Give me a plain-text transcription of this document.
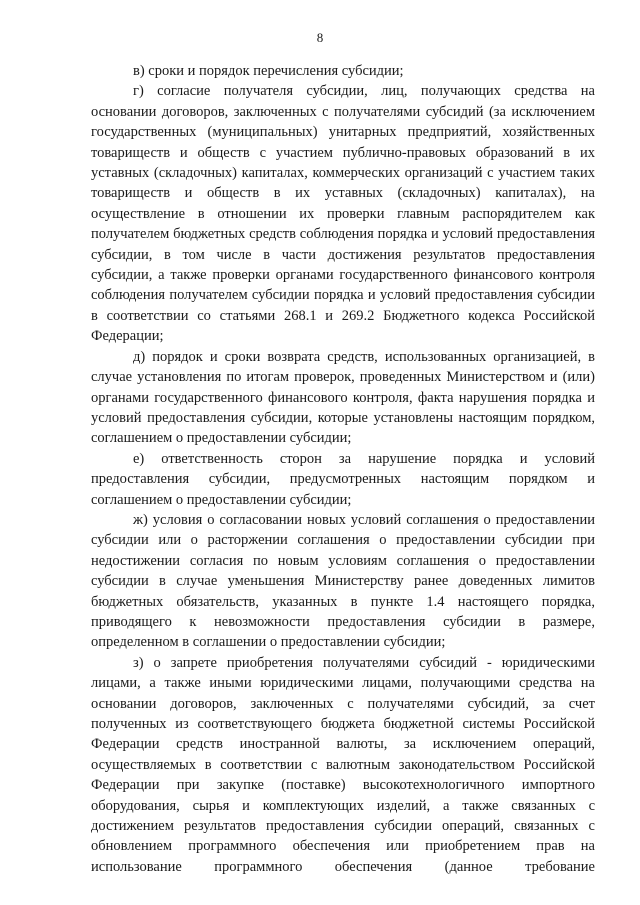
8

в) сроки и порядок перечисления субсидии;

г) согласие получателя субсидии, лиц, получающих средства на основании договоров, заключенных с получателями субсидий (за исключением государственных (муниципальных) унитарных предприятий, хозяйственных товариществ и обществ с участием публично-правовых образований в их уставных (складочных) капиталах, коммерческих организаций с участием таких товариществ и обществ в их уставных (складочных) капиталах), на осуществление в отношении их проверки главным распорядителем как получателем бюджетных средств соблюдения порядка и условий предоставления субсидии, в том числе в части достижения результатов предоставления субсидии, а также проверки органами государственного финансового контроля соблюдения получателем субсидии порядка и условий предоставления субсидии в соответствии со статьями 268.1 и 269.2 Бюджетного кодекса Российской Федерации;

д) порядок и сроки возврата средств, использованных организацией, в случае установления по итогам проверок, проведенных Министерством и (или) органами государственного финансового контроля, факта нарушения порядка и условий предоставления субсидии, которые установлены настоящим порядком, соглашением о предоставлении субсидии;

е) ответственность сторон за нарушение порядка и условий предоставления субсидии, предусмотренных настоящим порядком и соглашением о предоставлении субсидии;

ж) условия о согласовании новых условий соглашения о предоставлении субсидии или о расторжении соглашения о предоставлении субсидии при недостижении согласия по новым условиям соглашения о предоставлении субсидии в случае уменьшения Министерству ранее доведенных лимитов бюджетных обязательств, указанных в пункте 1.4 настоящего порядка, приводящего к невозможности предоставления субсидии в размере, определенном в соглашении о предоставлении субсидии;

з) о запрете приобретения получателями субсидий - юридическими лицами, а также иными юридическими лицами, получающими средства на основании договоров, заключенных с получателями субсидий, за счет полученных из соответствующего бюджета бюджетной системы Российской Федерации средств иностранной валюты, за исключением операций, осуществляемых в соответствии с валютным законодательством Российской Федерации при закупке (поставке) высокотехнологичного импортного оборудования, сырья и комплектующих изделий, а также связанных с достижением результатов предоставления субсидии операций, связанных с обновлением программного обеспечения или приобретением прав на использование программного обеспечения (данное требование
